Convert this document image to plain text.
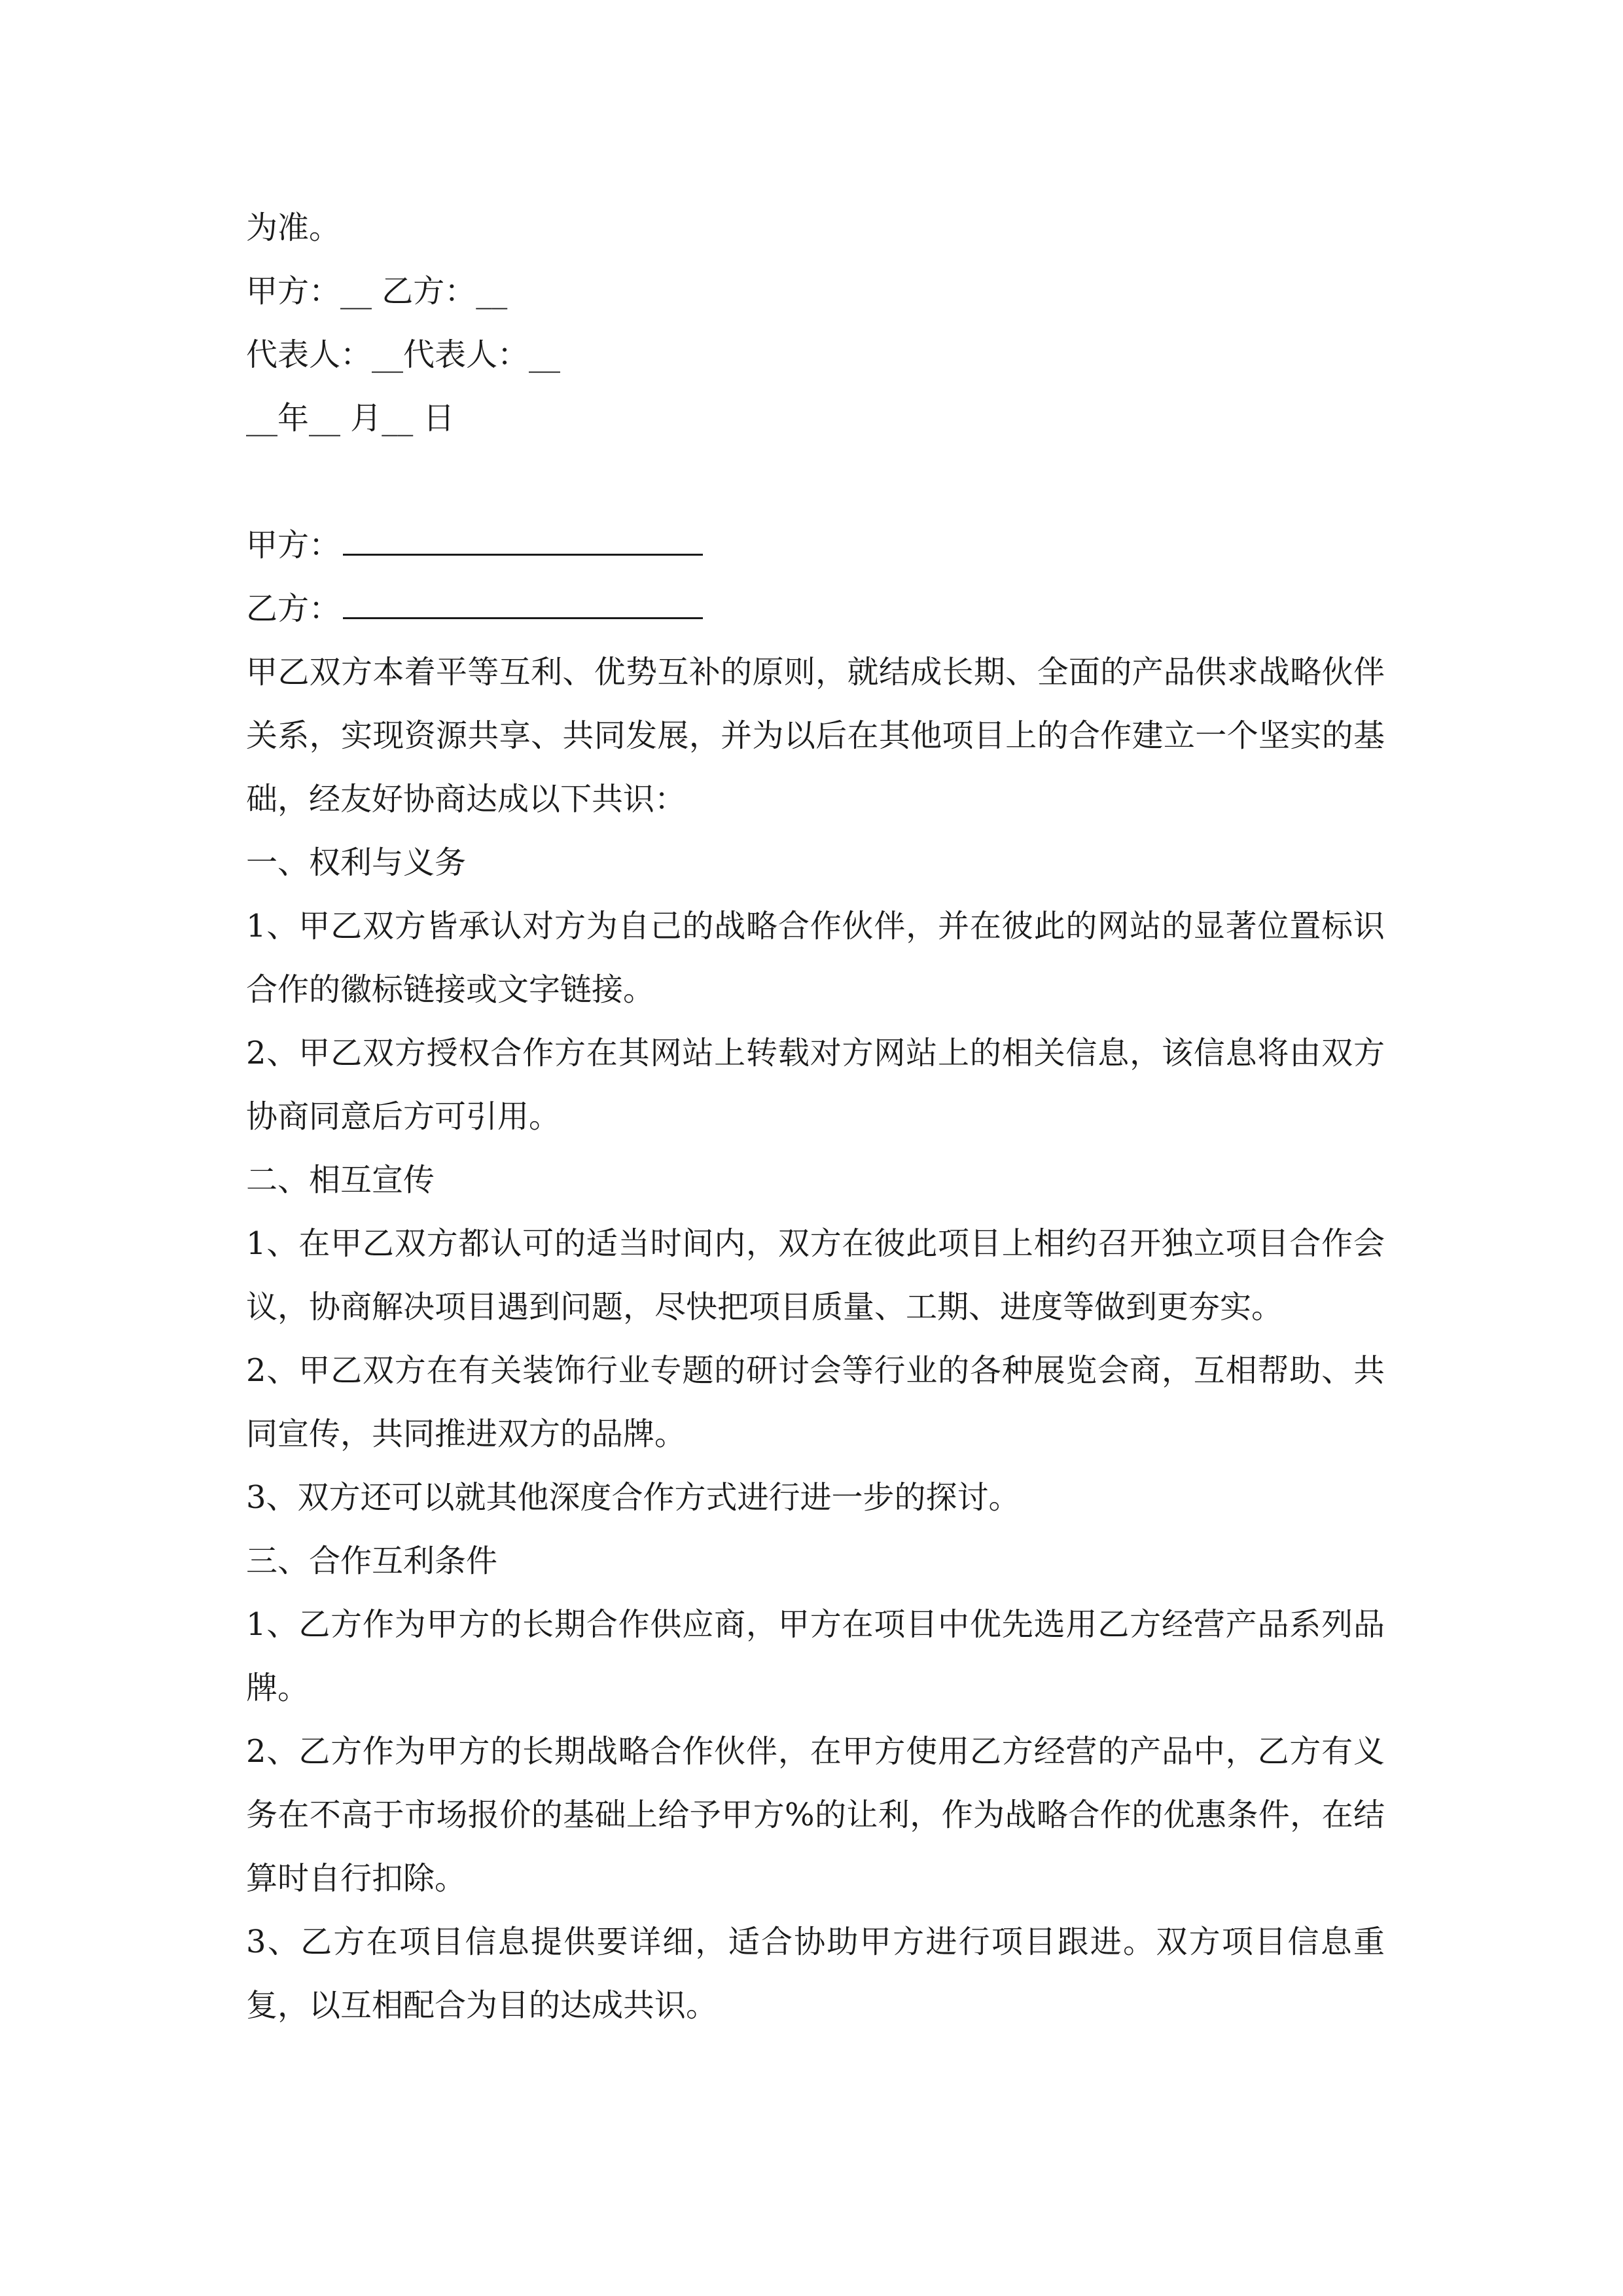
为准。

甲方：__ 乙方：__

代表人：__代表人：__

__年__ 月__ 日

甲方：

乙方：

甲乙双方本着平等互利、优势互补的原则，就结成长期、全面的产品供求战略伙伴关系，实现资源共享、共同发展，并为以后在其他项目上的合作建立一个坚实的基础，经友好协商达成以下共识：

一、权利与义务

1、甲乙双方皆承认对方为自己的战略合作伙伴，并在彼此的网站的显著位置标识合作的徽标链接或文字链接。

2、甲乙双方授权合作方在其网站上转载对方网站上的相关信息，该信息将由双方协商同意后方可引用。

二、相互宣传

1、在甲乙双方都认可的适当时间内，双方在彼此项目上相约召开独立项目合作会议，协商解决项目遇到问题，尽快把项目质量、工期、进度等做到更夯实。

2、甲乙双方在有关装饰行业专题的研讨会等行业的各种展览会商，互相帮助、共同宣传，共同推进双方的品牌。

3、双方还可以就其他深度合作方式进行进一步的探讨。

三、合作互利条件

1、乙方作为甲方的长期合作供应商，甲方在项目中优先选用乙方经营产品系列品牌。

2、乙方作为甲方的长期战略合作伙伴，在甲方使用乙方经营的产品中，乙方有义务在不高于市场报价的基础上给予甲方%的让利，作为战略合作的优惠条件，在结算时自行扣除。

3、乙方在项目信息提供要详细，适合协助甲方进行项目跟进。双方项目信息重复，以互相配合为目的达成共识。
